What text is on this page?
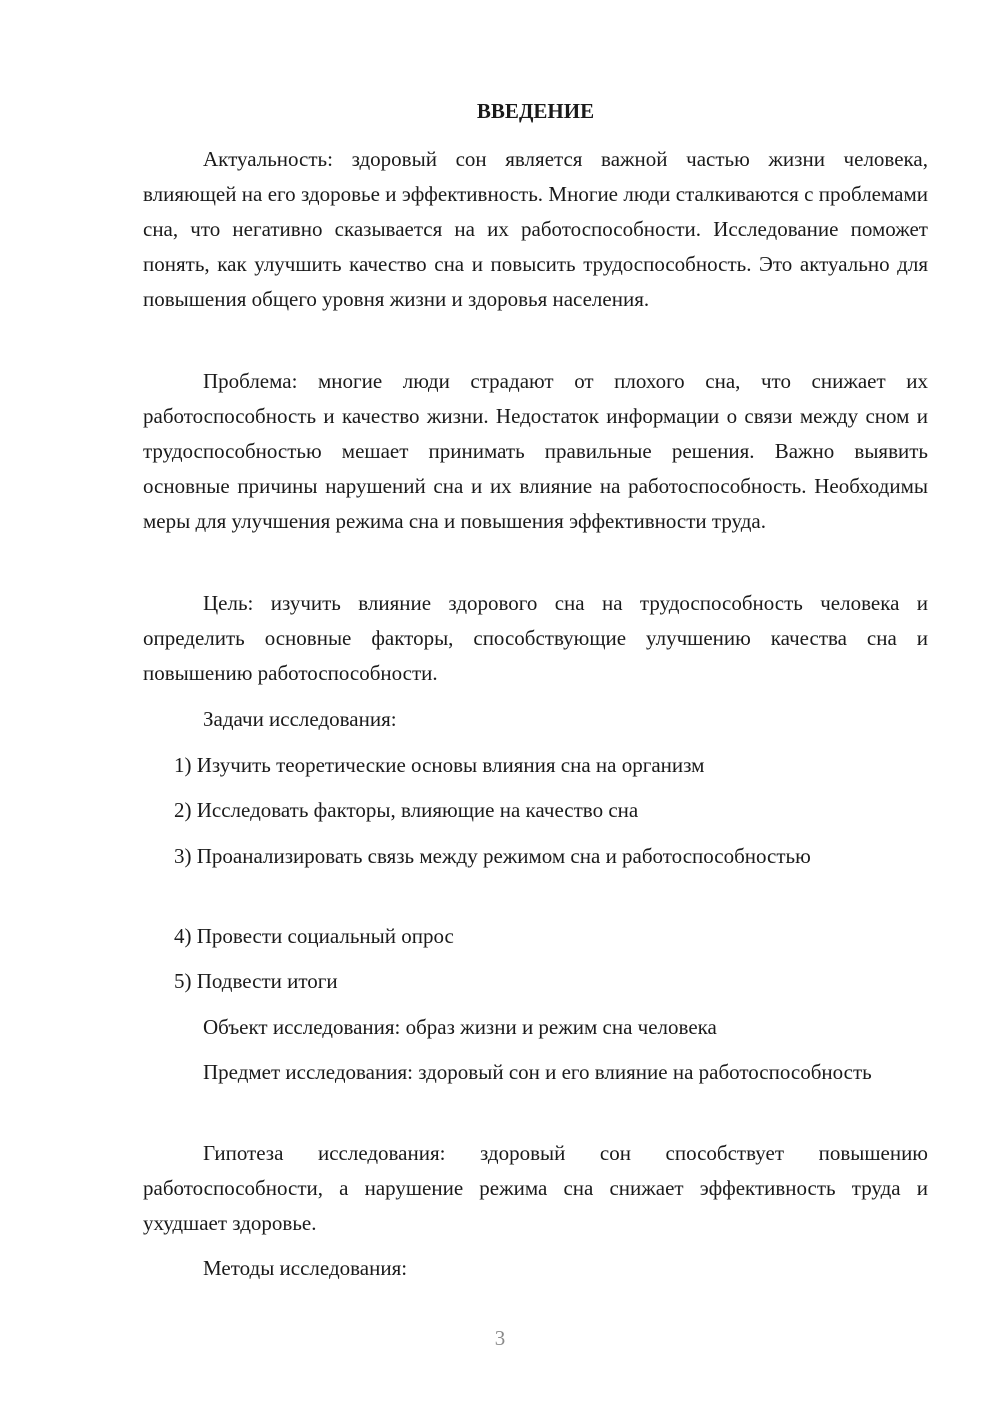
ВВЕДЕНИЕ

Актуальность: здоровый сон является важной частью жизни человека, влияющей на его здоровье и эффективность. Многие люди сталкиваются с проблемами сна, что негативно сказывается на их работоспособности. Исследование поможет понять, как улучшить качество сна и повысить трудоспособность. Это актуально для повышения общего уровня жизни и здоровья населения.

Проблема: многие люди страдают от плохого сна, что снижает их работоспособность и качество жизни. Недостаток информации о связи между сном и трудоспособностью мешает принимать правильные решения. Важно выявить основные причины нарушений сна и их влияние на работоспособность. Необходимы меры для улучшения режима сна и повышения эффективности труда.

Цель: изучить влияние здорового сна на трудоспособность человека и определить основные факторы, способствующие улучшению качества сна и повышению работоспособности.

Задачи исследования:

1) Изучить теоретические основы влияния сна на организм

2) Исследовать факторы, влияющие на качество сна

3) Проанализировать связь между режимом сна и работоспособностью

4) Провести социальный опрос

5) Подвести итоги

Объект исследования: образ жизни и режим сна человека

Предмет исследования: здоровый сон и его влияние на работоспособность

Гипотеза исследования: здоровый сон способствует повышению работоспособности, а нарушение режима сна снижает эффективность труда и ухудшает здоровье.

Методы исследования:

3
